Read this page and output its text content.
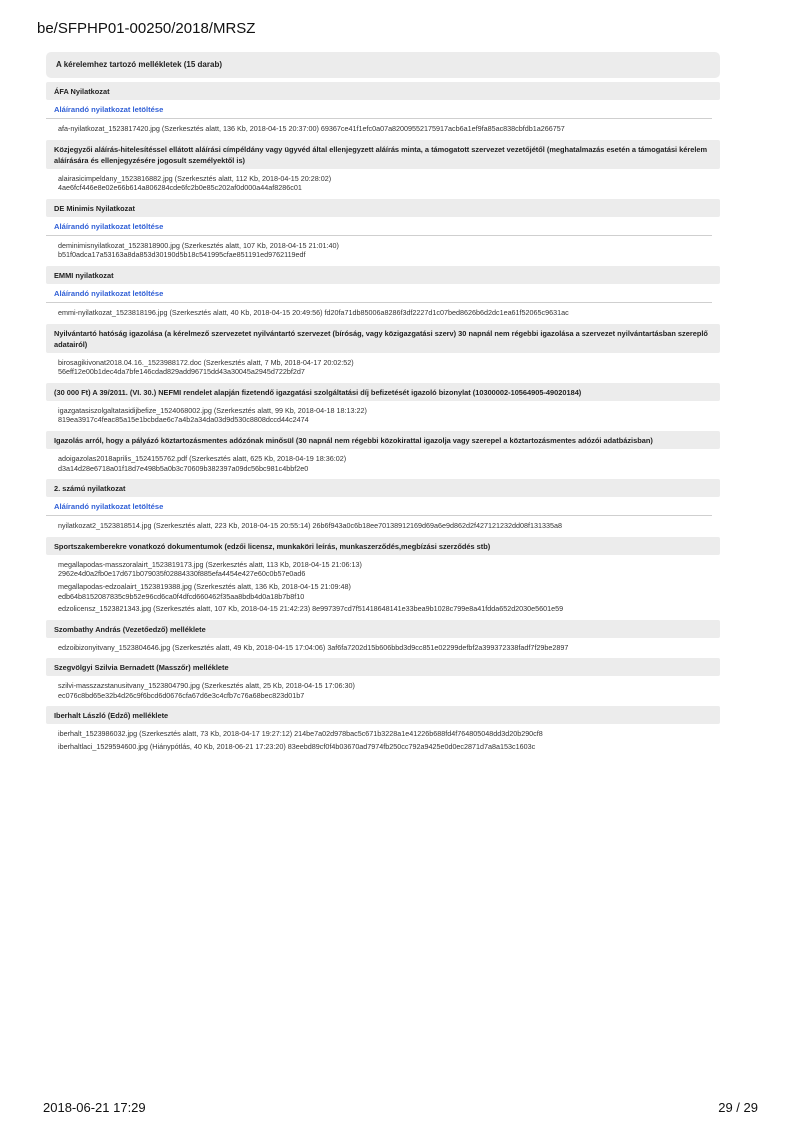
be/SFPHP01-00250/2018/MRSZ
A kérelemhez tartozó mellékletek (15 darab)
ÁFA Nyilatkozat
Aláírandó nyilatkozat letöltése
afa-nyilatkozat_1523817420.jpg (Szerkesztés alatt, 136 Kb, 2018-04-15 20:37:00) 69367ce41f1efc0a07a82009552175917acb6a1ef9fa85ac838cbfdb1a266757
Közjegyzői aláírás-hitelesítéssel ellátott aláírási címpéldány vagy ügyvéd által ellenjegyzett aláírás minta, a támogatott szervezet vezetőjétől (meghatalmazás esetén a támogatási kérelem aláírására és ellenjegyzésére jogosult személyektől is)
alairasicimpeldany_1523816882.jpg (Szerkesztés alatt, 112 Kb, 2018-04-15 20:28:02)
4ae6fcf446e8e02e66b614a806284cde6fc2b0e85c202af0d000a44af8286c01
DE Minimis Nyilatkozat
Aláírandó nyilatkozat letöltése
deminimisnyilatkozat_1523818900.jpg (Szerkesztés alatt, 107 Kb, 2018-04-15 21:01:40)
b51f0adca17a53163a8da853d30190d5b18c541995cfae851191ed9762119edf
EMMI nyilatkozat
Aláírandó nyilatkozat letöltése
emmi-nyilatkozat_1523818196.jpg (Szerkesztés alatt, 40 Kb, 2018-04-15 20:49:56) fd20fa71db85006a8286f3df2227d1c07bed8626b6d2dc1ea61f52065c9631ac
Nyilvántartó hatóság igazolása (a kérelmező szervezetet nyilvántartó szervezet (bíróság, vagy közigazgatási szerv) 30 napnál nem régebbi igazolása a szervezet nyilvántartásban szereplő adatairól)
birosagikivonat2018.04.16._1523988172.doc (Szerkesztés alatt, 7 Mb, 2018-04-17 20:02:52)
56eff12e00b1dec4da7bfe146cdad829add96715dd43a30045a2945d722bf2d7
(30 000 Ft) A 39/2011. (VI. 30.) NEFMI rendelet alapján fizetendő igazgatási szolgáltatási díj befizetését igazoló bizonylat (10300002-10564905-49020184)
igazgatasiszolgaltatasidijbefize_1524068002.jpg (Szerkesztés alatt, 99 Kb, 2018-04-18 18:13:22)
819ea3917c4feac85a15e1bcbdae6c7a4b2a34da03d9d530c8808dccd44c2474
Igazolás arról, hogy a pályázó köztartozásmentes adózónak minősül (30 napnál nem régebbi közokirattal igazolja vagy szerepel a köztartozásmentes adózói adatbázisban)
adoigazolas2018aprilis_1524155762.pdf (Szerkesztés alatt, 625 Kb, 2018-04-19 18:36:02)
d3a14d28e6718a01f18d7e498b5a0b3c70609b382397a09dc56bc981c4bbf2e0
2. számú nyilatkozat
Aláírandó nyilatkozat letöltése
nyilatkozat2_1523818514.jpg (Szerkesztés alatt, 223 Kb, 2018-04-15 20:55:14) 26b6f943a0c6b18ee70138912169d69a6e9d862d2f427121232dd08f131335a8
Sportszakemberekre vonatkozó dokumentumok (edzői licensz, munkaköri leírás, munkaszerződés,megbízási szerződés stb)
megallapodas-masszoralairt_1523819173.jpg (Szerkesztés alatt, 113 Kb, 2018-04-15 21:06:13)
2962e4d0a2fb0e17d671b079035f02884330f885efa4454e427e60c0b57e0ad6
megallapodas-edzoalairt_1523819388.jpg (Szerkesztés alatt, 136 Kb, 2018-04-15 21:09:48)
edb64b8152087835c9b52e96cd6ca0f4dfcd660462f35aa8bdb4d0a18b7b8f10
edzolicensz_1523821343.jpg (Szerkesztés alatt, 107 Kb, 2018-04-15 21:42:23) 8e997397cd7f51418648141e33bea9b1028c799e8a41fdda652d2030e5601e59
Szombathy András (Vezetőedző) melléklete
edzoibizonyitvany_1523804646.jpg (Szerkesztés alatt, 49 Kb, 2018-04-15 17:04:06) 3af6fa7202d15b606bbd3d9cc851e02299defbf2a399372338fadf7f29be2897
Szegvölgyi Szilvia Bernadett (Masszőr) melléklete
szilvi-masszazstanusitvany_1523804790.jpg (Szerkesztés alatt, 25 Kb, 2018-04-15 17:06:30)
ec076c8bd65e32b4d26c9f6bcd6d0676cfa67d6e3c4cfb7c76a68bec823d01b7
Iberhalt László (Edző) melléklete
iberhalt_1523986032.jpg (Szerkesztés alatt, 73 Kb, 2018-04-17 19:27:12) 214be7a02d978bac5c671b3228a1e41226b688fd4f764805048dd3d20b290cf8
iberhaltlaci_1529594600.jpg (Hiánypótlás, 40 Kb, 2018-06-21 17:23:20) 83eebd89cf0f4b03670ad7974fb250cc792a9425e0d0ec2871d7a8a153c1603c
2018-06-21 17:29	29 / 29
